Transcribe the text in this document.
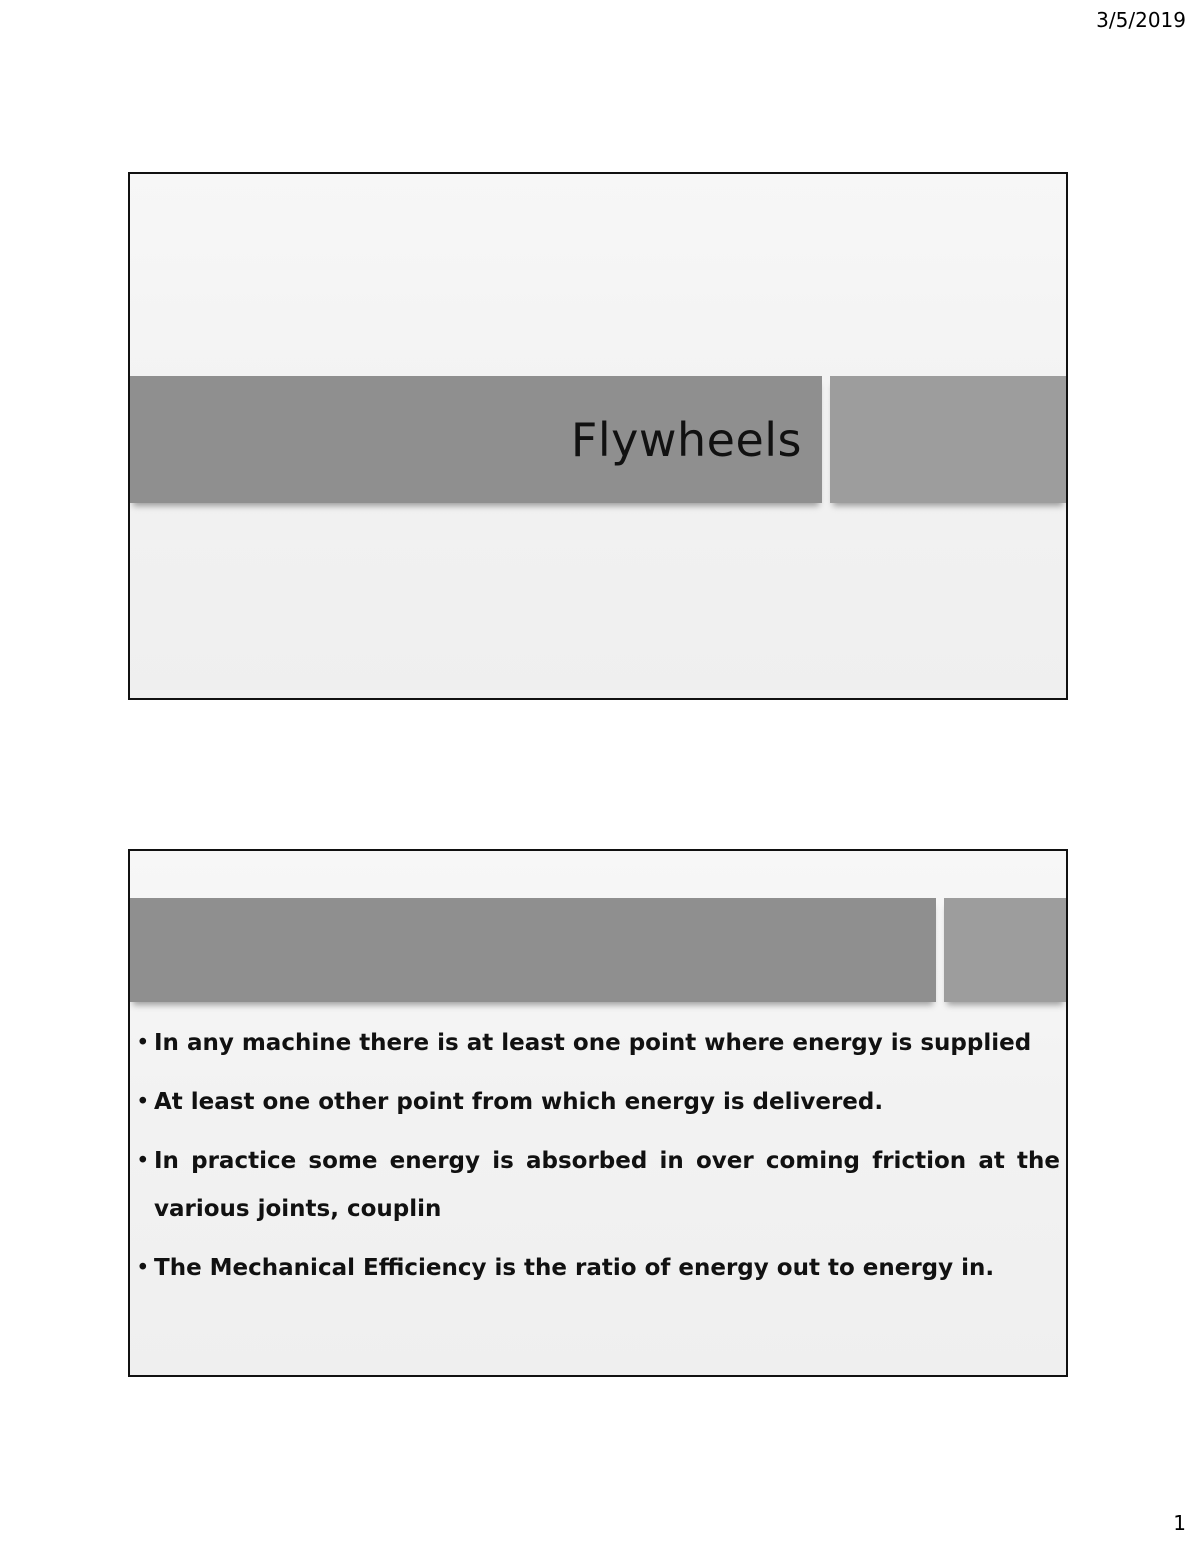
3/5/2019
Flywheels
• In any machine there is at least one point where energy is supplied
• At least one other point from which energy is delivered.
• In practice some energy is absorbed in over coming friction at the various joints, couplin
• The Mechanical Efficiency is the ratio of energy out to energy in.
1
